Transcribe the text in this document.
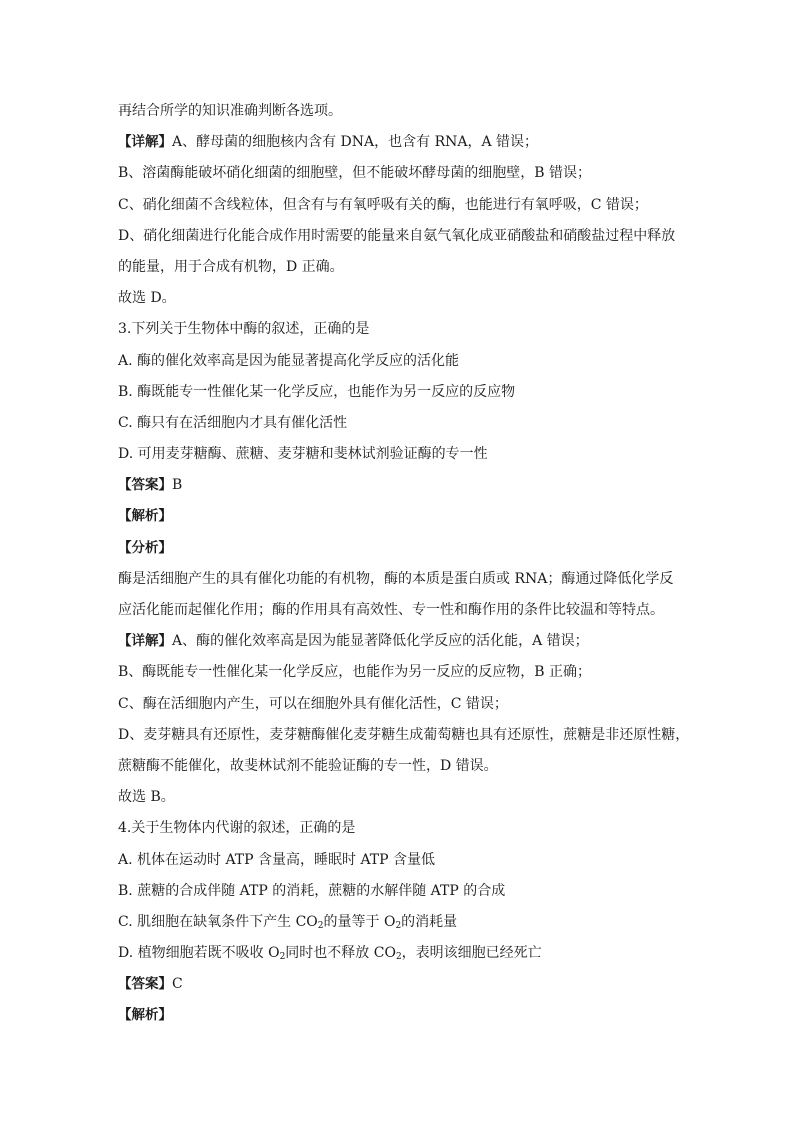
再结合所学的知识准确判断各选项。
【详解】A、酵母菌的细胞核内含有 DNA，也含有 RNA，A 错误；
B、溶菌酶能破坏硝化细菌的细胞壁，但不能破坏酵母菌的细胞壁，B 错误；
C、硝化细菌不含线粒体，但含有与有氧呼吸有关的酶，也能进行有氧呼吸，C 错误；
D、硝化细菌进行化能合成作用时需要的能量来自氨气氧化成亚硝酸盐和硝酸盐过程中释放
的能量，用于合成有机物，D 正确。
故选 D。
3.下列关于生物体中酶的叙述，正确的是
A. 酶的催化效率高是因为能显著提高化学反应的活化能
B. 酶既能专一性催化某一化学反应，也能作为另一反应的反应物
C. 酶只有在活细胞内才具有催化活性
D. 可用麦芽糖酶、蔗糖、麦芽糖和斐林试剂验证酶的专一性
【答案】B
【解析】
【分析】
酶是活细胞产生的具有催化功能的有机物，酶的本质是蛋白质或 RNA；酶通过降低化学反
应活化能而起催化作用；酶的作用具有高效性、专一性和酶作用的条件比较温和等特点。
【详解】A、酶的催化效率高是因为能显著降低化学反应的活化能，A 错误；
B、酶既能专一性催化某一化学反应，也能作为另一反应的反应物，B 正确；
C、酶在活细胞内产生，可以在细胞外具有催化活性，C 错误；
D、麦芽糖具有还原性，麦芽糖酶催化麦芽糖生成葡萄糖也具有还原性，蔗糖是非还原性糖，
蔗糖酶不能催化，故斐林试剂不能验证酶的专一性，D 错误。
故选 B。
4.关于生物体内代谢的叙述，正确的是
A. 机体在运动时 ATP 含量高，睡眠时 ATP 含量低
B. 蔗糖的合成伴随 ATP 的消耗，蔗糖的水解伴随 ATP 的合成
C. 肌细胞在缺氧条件下产生 $CO_2$的量等于 $O_2$的消耗量
D. 植物细胞若既不吸收 $O_2$同时也不释放 $CO_2$，表明该细胞已经死亡
【答案】C
【解析】
